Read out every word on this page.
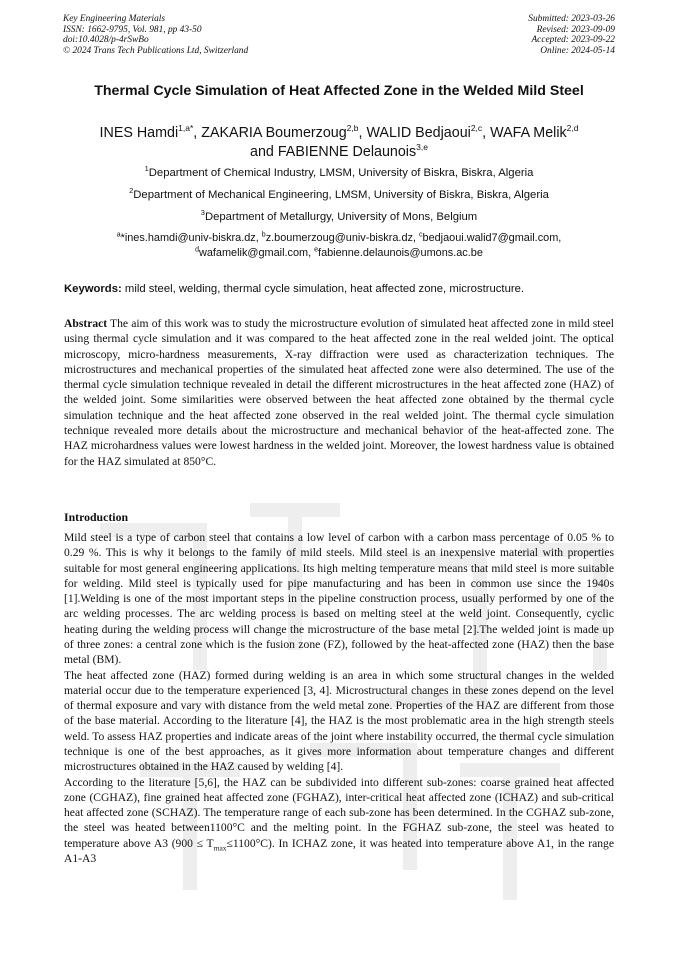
Key Engineering Materials
ISSN: 1662-9795, Vol. 981, pp 43-50
doi:10.4028/p-4rSwBo
© 2024 Trans Tech Publications Ltd, Switzerland
Submitted: 2023-03-26
Revised: 2023-09-09
Accepted: 2023-09-22
Online: 2024-05-14
Thermal Cycle Simulation of Heat Affected Zone in the Welded Mild Steel
INES Hamdi$^{1,a*}$, ZAKARIA Boumerzoug$^{2,b}$, WALID Bedjaoui$^{2,c}$, WAFA Melik$^{2,d}$
and FABIENNE Delaunois$^{3,e}$
$^1$Department of Chemical Industry, LMSM, University of Biskra, Biskra, Algeria
$^2$Department of Mechanical Engineering, LMSM, University of Biskra, Biskra, Algeria
$^3$Department of Metallurgy, University of Mons, Belgium
$^a$*ines.hamdi@univ-biskra.dz, $^b$z.boumerzoug@univ-biskra.dz, $^c$bedjaoui.walid7@gmail.com,
$^d$wafamelik@gmail.com, $^e$fabienne.delaunois@umons.ac.be
Keywords: mild steel, welding, thermal cycle simulation, heat affected zone, microstructure.
Abstract The aim of this work was to study the microstructure evolution of simulated heat affected zone in mild steel using thermal cycle simulation and it was compared to the heat affected zone in the real welded joint. The optical microscopy, micro-hardness measurements, X-ray diffraction were used as characterization techniques. The microstructures and mechanical properties of the simulated heat affected zone were also determined. The use of the thermal cycle simulation technique revealed in detail the different microstructures in the heat affected zone (HAZ) of the welded joint. Some similarities were observed between the heat affected zone obtained by the thermal cycle simulation technique and the heat affected zone observed in the real welded joint. The thermal cycle simulation technique revealed more details about the microstructure and mechanical behavior of the heat-affected zone. The HAZ microhardness values were lowest hardness in the welded joint. Moreover, the lowest hardness value is obtained for the HAZ simulated at 850°C.
Introduction

Mild steel is a type of carbon steel that contains a low level of carbon with a carbon mass percentage of 0.05 % to 0.29 %. This is why it belongs to the family of mild steels. Mild steel is an inexpensive material with properties suitable for most general engineering applications. Its high melting temperature means that mild steel is more suitable for welding. Mild steel is typically used for pipe manufacturing and has been in common use since the 1940s [1].Welding is one of the most important steps in the pipeline construction process, usually performed by one of the arc welding processes. The arc welding process is based on melting steel at the weld joint. Consequently, cyclic heating during the welding process will change the microstructure of the base metal [2].The welded joint is made up of three zones: a central zone which is the fusion zone (FZ), followed by the heat-affected zone (HAZ) then the base metal (BM).

The heat affected zone (HAZ) formed during welding is an area in which some structural changes in the welded material occur due to the temperature experienced [3, 4]. Microstructural changes in these zones depend on the level of thermal exposure and vary with distance from the weld metal zone. Properties of the HAZ are different from those of the base material. According to the literature [4], the HAZ is the most problematic area in the high strength steels weld. To assess HAZ properties and indicate areas of the joint where instability occurred, the thermal cycle simulation technique is one of the best approaches, as it gives more information about temperature changes and different microstructures obtained in the HAZ caused by welding [4].

According to the literature [5,6], the HAZ can be subdivided into different sub-zones: coarse grained heat affected zone (CGHAZ), fine grained heat affected zone (FGHAZ), inter-critical heat affected zone (ICHAZ) and sub-critical heat affected zone (SCHAZ). The temperature range of each sub-zone has been determined. In the CGHAZ sub-zone, the steel was heated between1100°C and the melting point. In the FGHAZ sub-zone, the steel was heated to temperature above A3 $(900 \le T_{max}\le 1100^\circ C)$. In ICHAZ zone, it was heated into temperature above A1, in the range A1-A3
